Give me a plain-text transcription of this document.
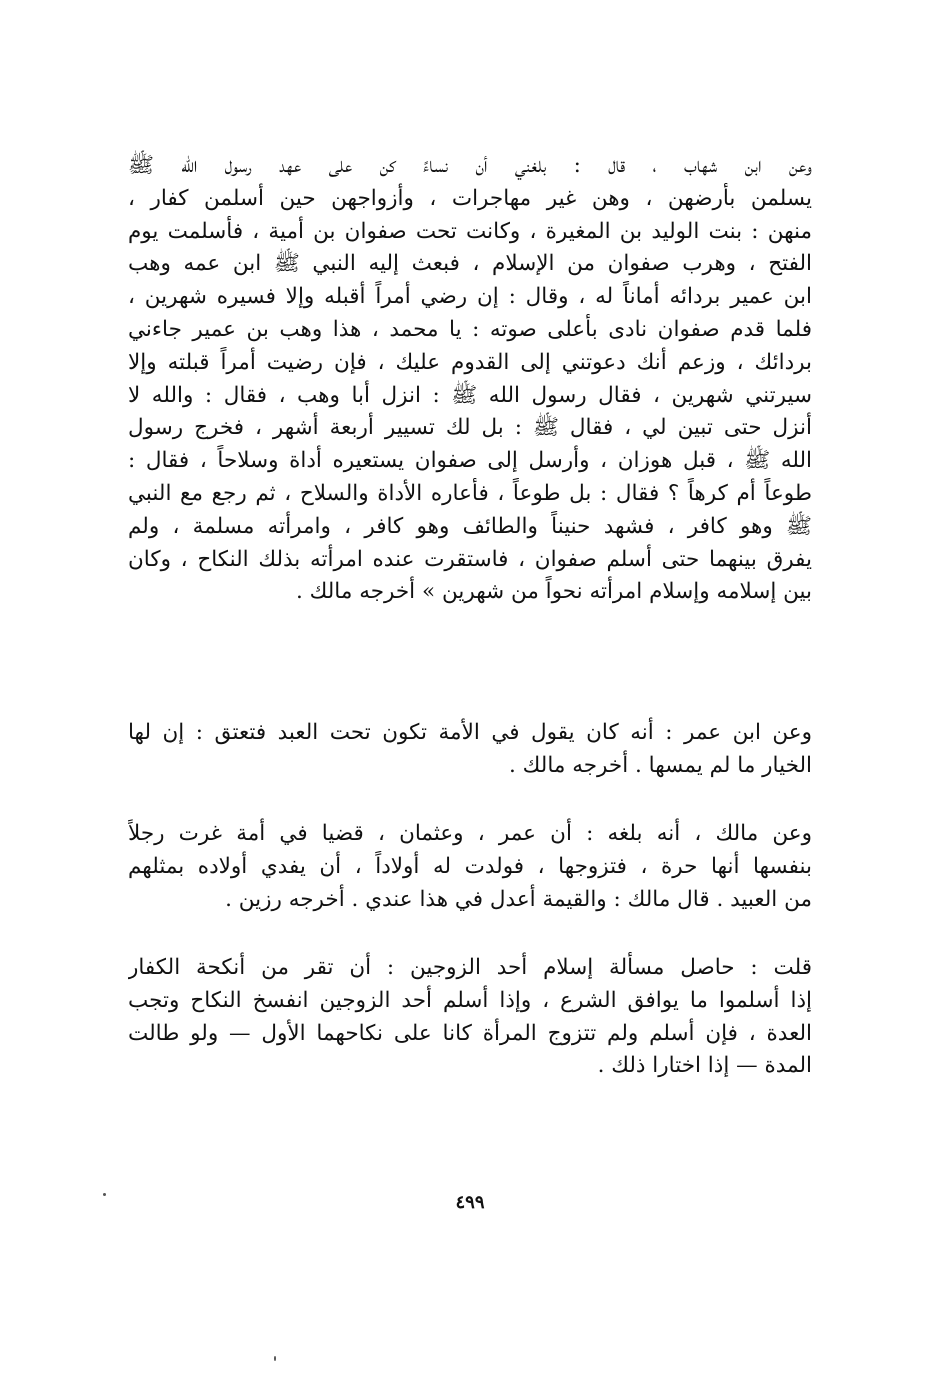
وعن ابن شهاب ، قال : بلغني أن نساءً كن على عهد رسول الله ﷺ
يسلمن بأرضهن ، وهن غير مهاجرات ، وأزواجهن حين أسلمن كفار ،
منهن : بنت الوليد بن المغيرة ، وكانت تحت صفوان بن أمية ، فأسلمت يوم
الفتح ، وهرب صفوان من الإسلام ، فبعث إليه النبي ﷺ ابن عمه وهب
ابن عمير بردائه أماناً له ، وقال : إن رضي أمراً أقبله وإلا فسيره شهرين ،
فلما قدم صفوان نادى بأعلى صوته : يا محمد ، هذا وهب بن عمير جاءني
بردائك ، وزعم أنك دعوتني إلى القدوم عليك ، فإن رضيت أمراً قبلته وإلا
سيرتني شهرين ، فقال رسول الله ﷺ : انزل أبا وهب ، فقال : والله لا
أنزل حتى تبين لي ، فقال ﷺ : بل لك تسيير أربعة أشهر ، فخرج رسول
الله ﷺ ، قبل هوزان ، وأرسل إلى صفوان يستعيره أداة وسلاحاً ، فقال :
طوعاً أم كرهاً ؟ فقال : بل طوعاً ، فأعاره الأداة والسلاح ، ثم رجع مع النبي
ﷺ وهو كافر ، فشهد حنيناً والطائف وهو كافر ، وامرأته مسلمة ، ولم
يفرق بينهما حتى أسلم صفوان ، فاستقرت عنده امرأته بذلك النكاح ، وكان
بين إسلامه وإسلام امرأته نحواً من شهرين » أخرجه مالك .
وعن ابن عمر : أنه كان يقول في الأمة تكون تحت العبد فتعتق : إن لها
الخيار ما لم يمسها . أخرجه مالك .
وعن مالك ، أنه بلغه : أن عمر ، وعثمان ، قضيا في أمة غرت رجلاً
بنفسها أنها حرة ، فتزوجها ، فولدت له أولاداً ، أن يفدي أولاده بمثلهم
من العبيد . قال مالك : والقيمة أعدل في هذا عندي . أخرجه رزين .
قلت : حاصل مسألة إسلام أحد الزوجين : أن تقر من أنكحة الكفار
إذا أسلموا ما يوافق الشرع ، وإذا أسلم أحد الزوجين انفسخ النكاح وتجب
العدة ، فإن أسلم ولم تتزوج المرأة كانا على نكاحهما الأول — ولو طالت
المدة — إذا اختارا ذلك .
٤٩٩
